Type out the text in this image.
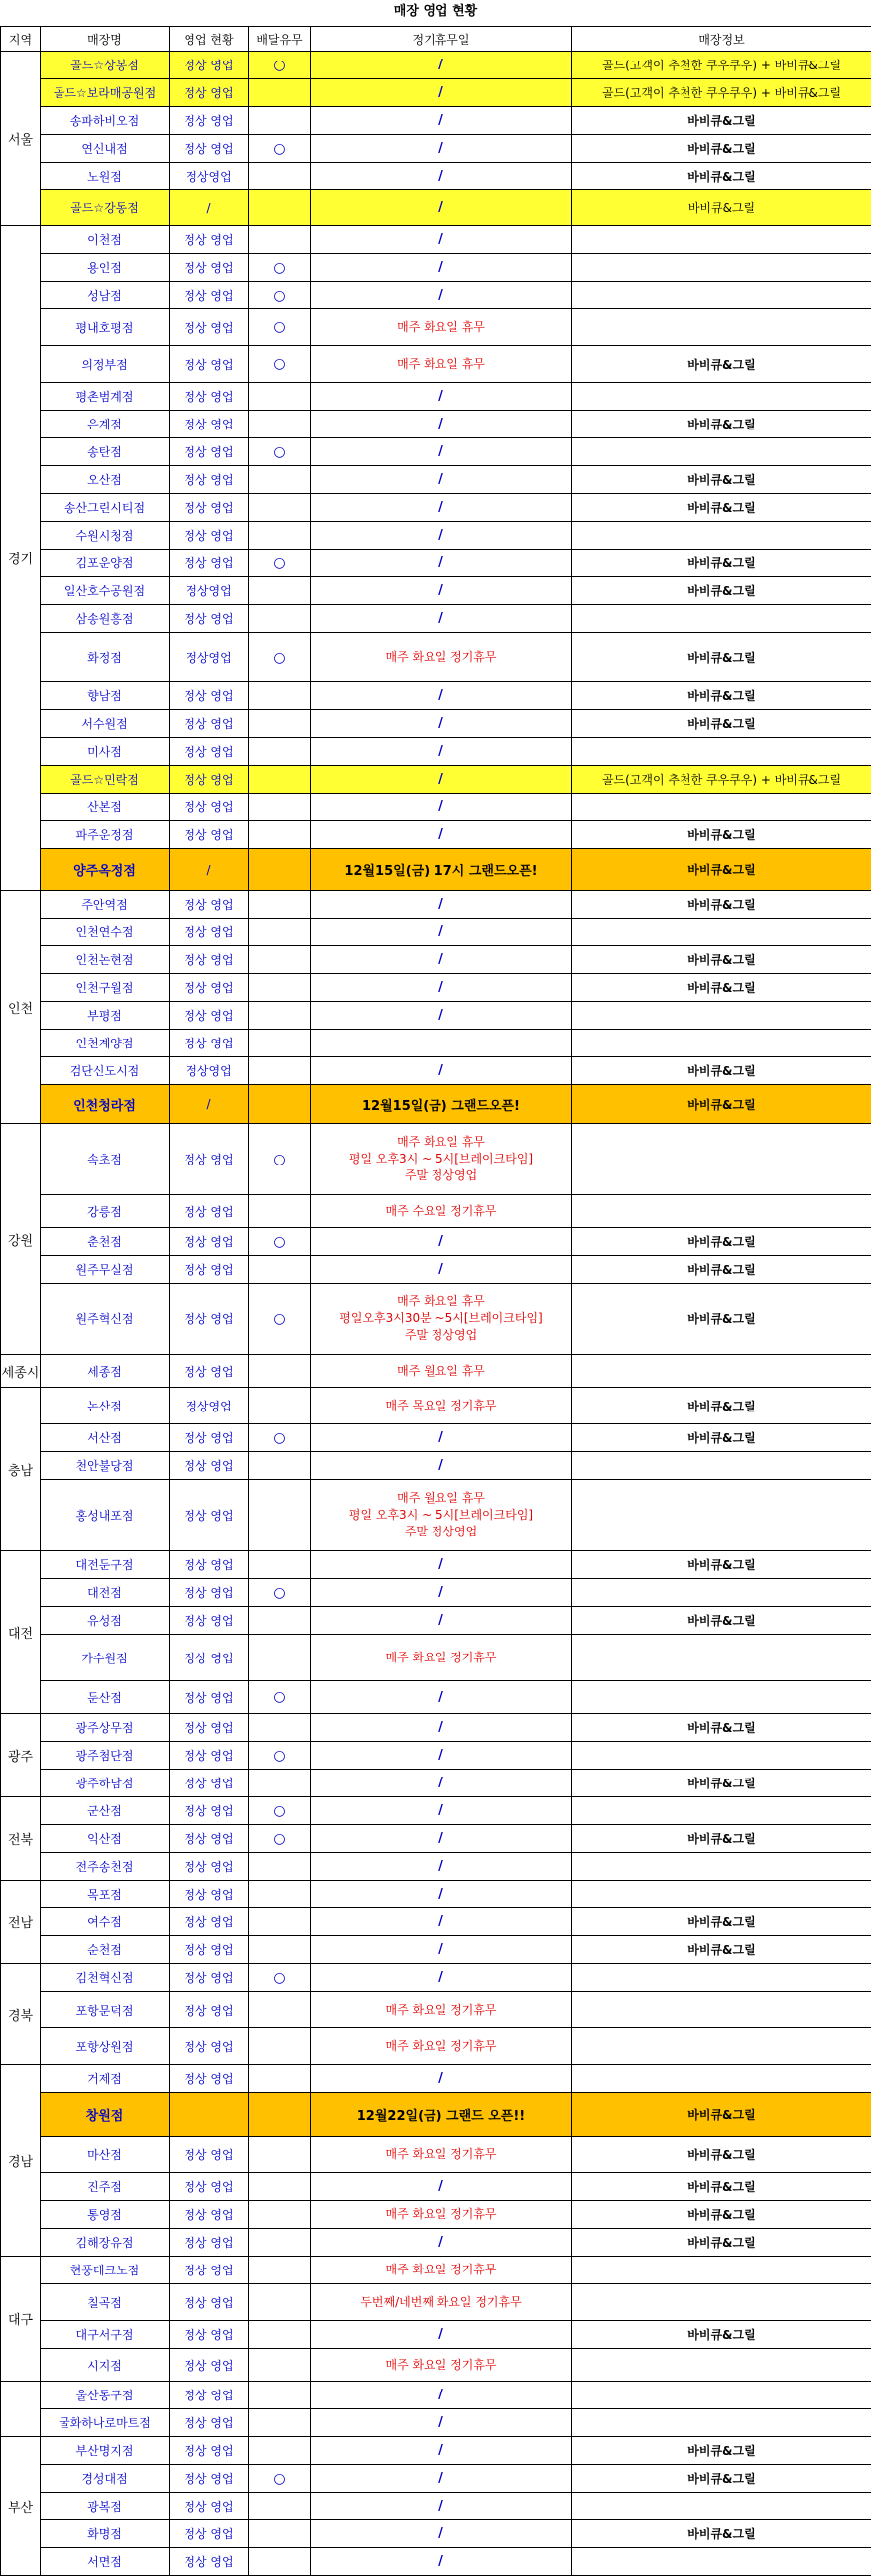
매장 영업 현황
지역	매장명	영업 현황	배달유무	정기휴무일	매장정보
서울	골드☆상봉점	정상 영업	○	/	골드(고객이 추천한 쿠우쿠우) + 바비큐&그릴
	골드☆보라매공원점	정상 영업		/	골드(고객이 추천한 쿠우쿠우) + 바비큐&그릴
	송파하비오점	정상 영업		/	바비큐&그릴
	연신내점	정상 영업	○	/	바비큐&그릴
	노원점	정상영업		/	바비큐&그릴
	골드☆강동점	/		/	바비큐&그릴
경기	이천점	정상 영업		/	
	용인점	정상 영업	○	/	
	성남점	정상 영업	○	/	
	평내호평점	정상 영업	○	매주 화요일 휴무	
	의정부점	정상 영업	○	매주 화요일 휴무	바비큐&그릴
	평촌범계점	정상 영업		/	
	은계점	정상 영업		/	바비큐&그릴
	송탄점	정상 영업	○	/	
	오산점	정상 영업		/	바비큐&그릴
	송산그린시티점	정상 영업		/	바비큐&그릴
	수원시청점	정상 영업		/	
	김포운양점	정상 영업	○	/	바비큐&그릴
	일산호수공원점	정상영업		/	바비큐&그릴
	삼송원흥점	정상 영업		/	
	화정점	정상영업	○	매주 화요일 정기휴무	바비큐&그릴
	향남점	정상 영업		/	바비큐&그릴
	서수원점	정상 영업		/	바비큐&그릴
	미사점	정상 영업		/	
	골드☆민락점	정상 영업		/	골드(고객이 추천한 쿠우쿠우) + 바비큐&그릴
	산본점	정상 영업		/	
	파주운정점	정상 영업		/	바비큐&그릴
	양주옥정점	/		12월15일(금) 17시 그랜드오픈!	바비큐&그릴
인천	주안역점	정상 영업		/	바비큐&그릴
	인천연수점	정상 영업		/	
	인천논현점	정상 영업		/	바비큐&그릴
	인천구월점	정상 영업		/	바비큐&그릴
	부평점	정상 영업		/	
	인천계양점	정상 영업			
	검단신도시점	정상영업		/	바비큐&그릴
	인천청라점	/		12월15일(금) 그랜드오픈!	바비큐&그릴
강원	속초점	정상 영업	○	매주 화요일 휴무
평일 오후3시 ~ 5시[브레이크타임]
주말 정상영업	
	강릉점	정상 영업		매주 수요일 정기휴무	
	춘천점	정상 영업	○	/	바비큐&그릴
	원주무실점	정상 영업		/	바비큐&그릴
	원주혁신점	정상 영업	○	매주 화요일 휴무
평일오후3시30분 ~5시[브레이크타임]
주말 정상영업	바비큐&그릴
세종시	세종점	정상 영업		매주 월요일 휴무	
충남	논산점	정상영업		매주 목요일 정기휴무	바비큐&그릴
	서산점	정상 영업	○	/	바비큐&그릴
	천안불당점	정상 영업		/	
	홍성내포점	정상 영업		매주 월요일 휴무
평일 오후3시 ~ 5시[브레이크타임]
주말 정상영업	
대전	대전둔구점	정상 영업		/	바비큐&그릴
	대전점	정상 영업	○	/	
	유성점	정상 영업		/	바비큐&그릴
	가수원점	정상 영업		매주 화요일 정기휴무	
	둔산점	정상 영업	○	/	
광주	광주상무점	정상 영업		/	바비큐&그릴
	광주첨단점	정상 영업	○	/	
	광주하남점	정상 영업		/	바비큐&그릴
전북	군산점	정상 영업	○	/	
	익산점	정상 영업	○	/	바비큐&그릴
	전주송천점	정상 영업		/	
전남	목포점	정상 영업		/	
	여수점	정상 영업		/	바비큐&그릴
	순천점	정상 영업		/	바비큐&그릴
경북	김천혁신점	정상 영업	○	/	
	포항문덕점	정상 영업		매주 화요일 정기휴무	
	포항상원점	정상 영업		매주 화요일 정기휴무	
경남	거제점	정상 영업		/	
	창원점			12월22일(금) 그랜드 오픈!!	바비큐&그릴
	마산점	정상 영업		매주 화요일 정기휴무	바비큐&그릴
	진주점	정상 영업		/	바비큐&그릴
	통영점	정상 영업		매주 화요일 정기휴무	바비큐&그릴
	김해장유점	정상 영업		/	바비큐&그릴
대구	현풍테크노점	정상 영업		매주 화요일 정기휴무	
	칠곡점	정상 영업		두번째/네번째 화요일 정기휴무	
	대구서구점	정상 영업		/	바비큐&그릴
	시지점	정상 영업		매주 화요일 정기휴무	
	울산동구점	정상 영업		/	
	굴화하나로마트점	정상 영업		/	
부산	부산명지점	정상 영업		/	바비큐&그릴
	경성대점	정상 영업	○	/	바비큐&그릴
	광복점	정상 영업		/	
	화명점	정상 영업		/	바비큐&그릴
	서면점	정상 영업		/	
